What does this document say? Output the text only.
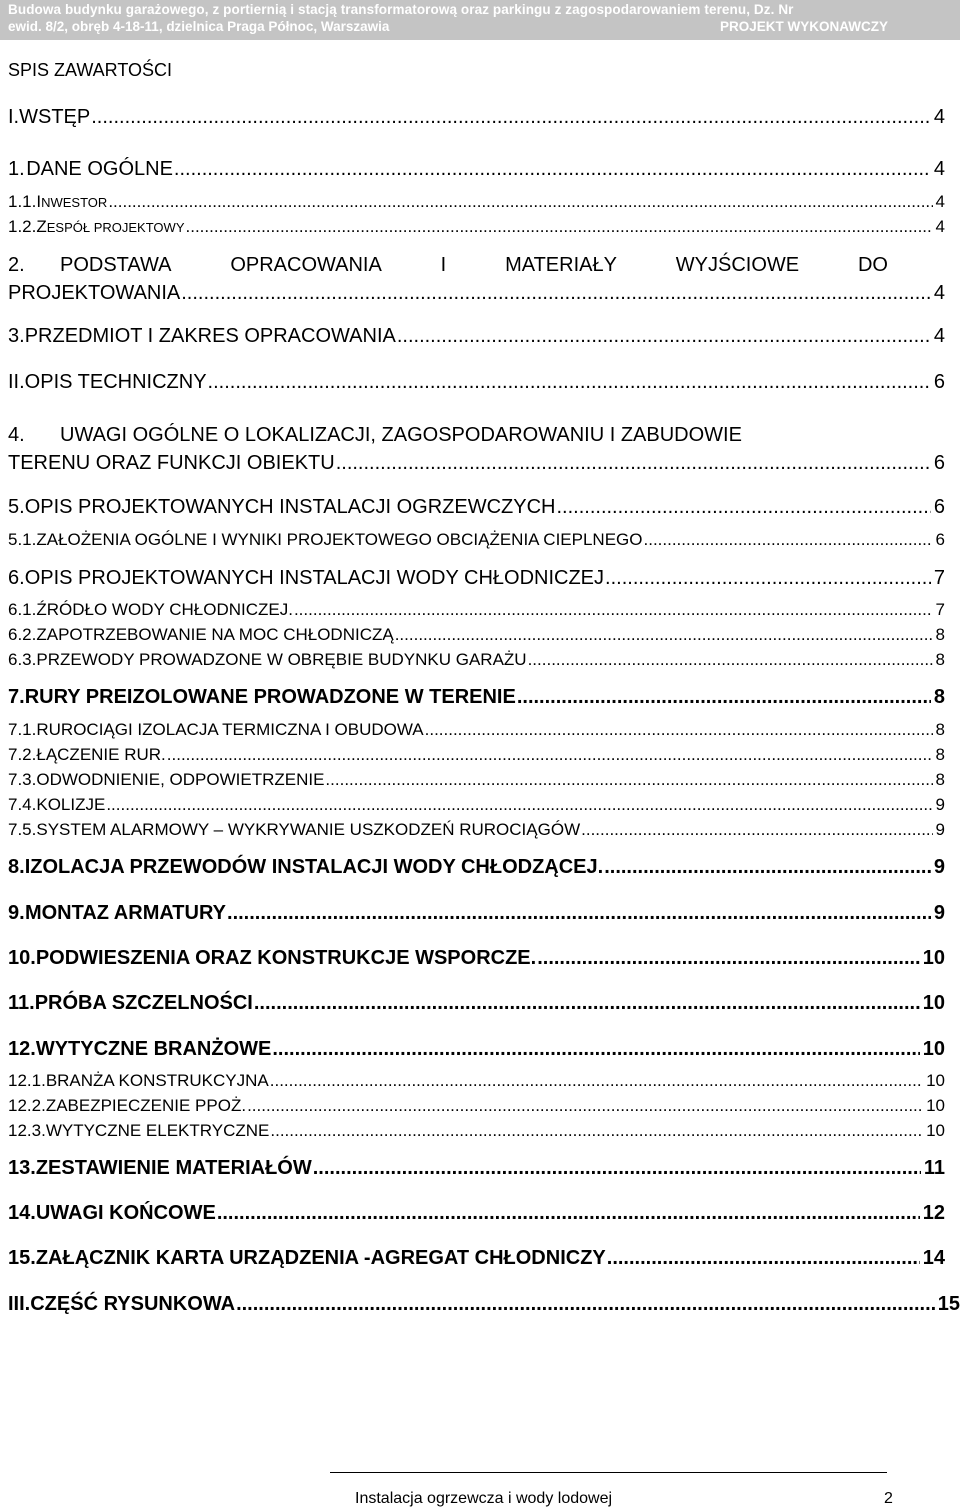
Budowa budynku garażowego, z portiernią i stacją transformatorową oraz parkingu z zagospodarowaniem terenu, Dz. Nr
ewid. 8/2, obręb 4-18-11, dzielnica Praga Północ, Warszawia	PROJEKT WYKONAWCZY
SPIS ZAWARTOŚCI
I. WSTĘP .....	4
1. DANE OGÓLNE .....	4
1.1. INWESTOR .....	4
1.2. ZESPÓŁ PROJEKTOWY .....	4
2.	PODSTAWA	OPRACOWANIA	I	MATERIAŁY	WYJŚCIOWE	DO
PROJEKTOWANIA .....	4
3. PRZEDMIOT I ZAKRES OPRACOWANIA .....	4
II. OPIS TECHNICZNY .....	6
4.	UWAGI OGÓLNE O LOKALIZACJI, ZAGOSPODAROWANIU I ZABUDOWIE
TERENU ORAZ FUNKCJI OBIEKTU .....	6
5. OPIS PROJEKTOWANYCH INSTALACJI OGRZEWCZYCH .....	6
5.1. ZAŁOŻENIA OGÓLNE I WYNIKI PROJEKTOWEGO OBCIĄŻENIA CIEPLNEGO .....	6
6. OPIS PROJEKTOWANYCH INSTALACJI WODY CHŁODNICZEJ .....	7
6.1. ŹRÓDŁO WODY CHŁODNICZEJ. .....	7
6.2. ZAPOTRZEBOWANIE NA MOC CHŁODNICZĄ .....	8
6.3. PRZEWODY PROWADZONE W OBRĘBIE BUDYNKU GARAŻU .....	8
7. RURY PREIZOLOWANE PROWADZONE W TERENIE .....	8
7.1. RUROCIĄGI IZOLACJA TERMICZNA I OBUDOWA .....	8
7.2. ŁĄCZENIE RUR. .....	8
7.3. ODWODNIENIE, ODPOWIETRZENIE .....	8
7.4. KOLIZJE .....	9
7.5. SYSTEM ALARMOWY – WYKRYWANIE USZKODZEŃ RUROCIĄGÓW .....	9
8. IZOLACJA PRZEWODÓW INSTALACJI WODY CHŁODZĄCEJ. .....	9
9. MONTAZ ARMATURY .....	9
10. PODWIESZENIA ORAZ KONSTRUKCJE WSPORCZE. .....	10
11. PRÓBA SZCZELNOŚCI .....	10
12. WYTYCZNE BRANŻOWE .....	10
12.1. BRANŻA KONSTRUKCYJNA .....	10
12.2. ZABEZPIECZENIE PPOŻ. .....	10
12.3. WYTYCZNE ELEKTRYCZNE .....	10
13. ZESTAWIENIE MATERIAŁÓW .....	11
14. UWAGI KOŃCOWE .....	12
15. ZAŁĄCZNIK KARTA URZĄDZENIA -AGREGAT CHŁODNICZY .....	14
III. CZĘŚĆ RYSUNKOWA .....	15
Instalacja ogrzewcza i wody lodowej	2
